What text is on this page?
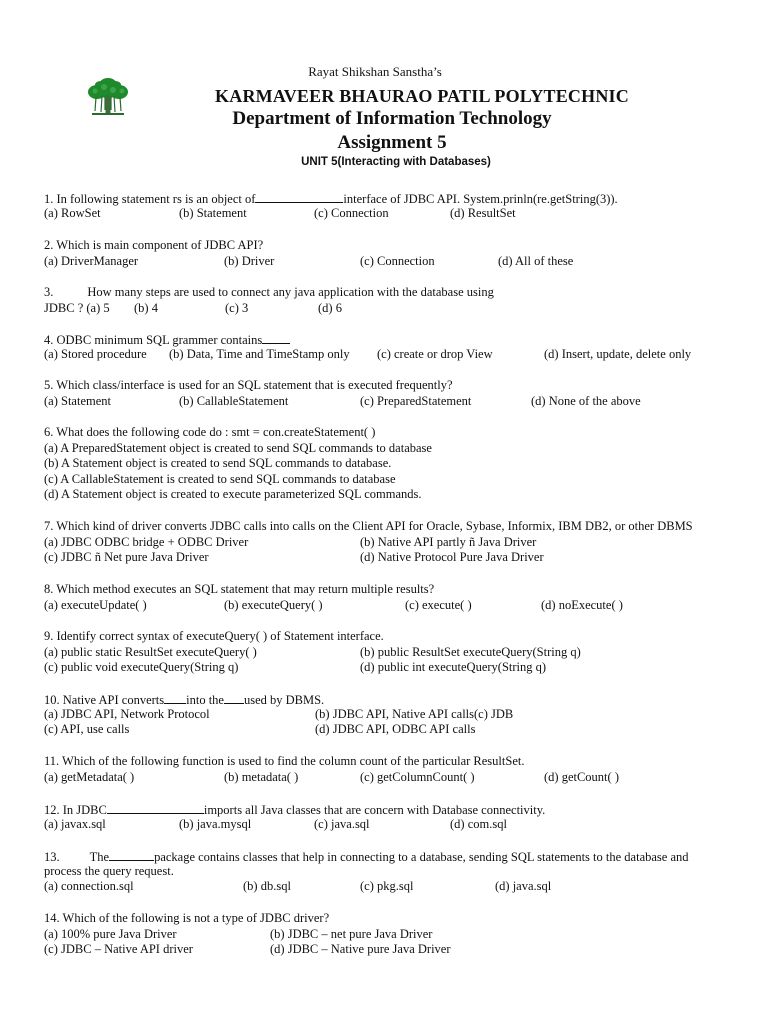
Rayat Shikshan Sanstha’s
KARMAVEER BHAURAO PATIL POLYTECHNIC
Department of Information Technology
Assignment 5
UNIT 5(Interacting with Databases)
1. In following statement rs is an object of	interface of JDBC API. System.prinln(re.getString(3)).
(a) RowSet	(b) Statement	(c) Connection	(d) ResultSet
2. Which is main component of JDBC API?
(a) DriverManager	(b) Driver	(c) Connection	(d) All of these
3.	How many steps are used to connect any java application with the database using
JDBC ? (a) 5 (b) 4	(c) 3	(d) 6
4. ODBC minimum SQL grammer contains
(a) Stored procedure (b) Data, Time and TimeStamp only (c) create or drop View	(d) Insert, update, delete only
5. Which class/interface is used for an SQL statement that is executed frequently?
(a) Statement	(b) CallableStatement	(c) PreparedStatement	(d) None of the above
6. What does the following code do : smt = con.createStatement( )
(a) A PreparedStatement object is created to send SQL commands to database
(b) A Statement object is created to send SQL commands to database.
(c) A CallableStatement is created to send SQL commands to database
(d) A Statement object is created to execute parameterized SQL commands.
7. Which kind of driver converts JDBC calls into calls on the Client API for Oracle, Sybase, Informix, IBM DB2, or other DBMS
(a) JDBC ODBC bridge + ODBC Driver	(b) Native API partly ñ Java Driver
(c) JDBC ñ Net pure Java Driver	(d) Native Protocol Pure Java Driver
8. Which method executes an SQL statement that may return multiple results?
(a) executeUpdate( )	(b) executeQuery( )	(c) execute( )	(d) noExecute( )
9. Identify correct syntax of executeQuery( ) of Statement interface.
(a) public static ResultSet executeQuery( )	(b) public ResultSet executeQuery(String q)
(c) public void executeQuery(String q)	(d) public int executeQuery(String q)
10. Native API converts into the used by DBMS.
(a) JDBC API, Network Protocol	(b) JDBC API, Native API calls(c) JDB
(c) API, use calls	(d) JDBC API, ODBC API calls
11. Which of the following function is used to find the column count of the particular ResultSet.
(a) getMetadata( )	(b) metadata( )	(c) getColumnCount( )	(d) getCount( )
12. In JDBC	imports all Java classes that are concern with Database connectivity.
(a) javax.sql	(b) java.mysql	(c) java.sql	(d) com.sql
13. The	package contains classes that help in connecting to a database, sending SQL statements to the database and
process the query request.
(a) connection.sql	(b) db.sql	(c) pkg.sql	(d) java.sql
14. Which of the following is not a type of JDBC driver?
(a) 100% pure Java Driver	(b) JDBC – net pure Java Driver
(c) JDBC – Native API driver	(d) JDBC – Native pure Java Driver
